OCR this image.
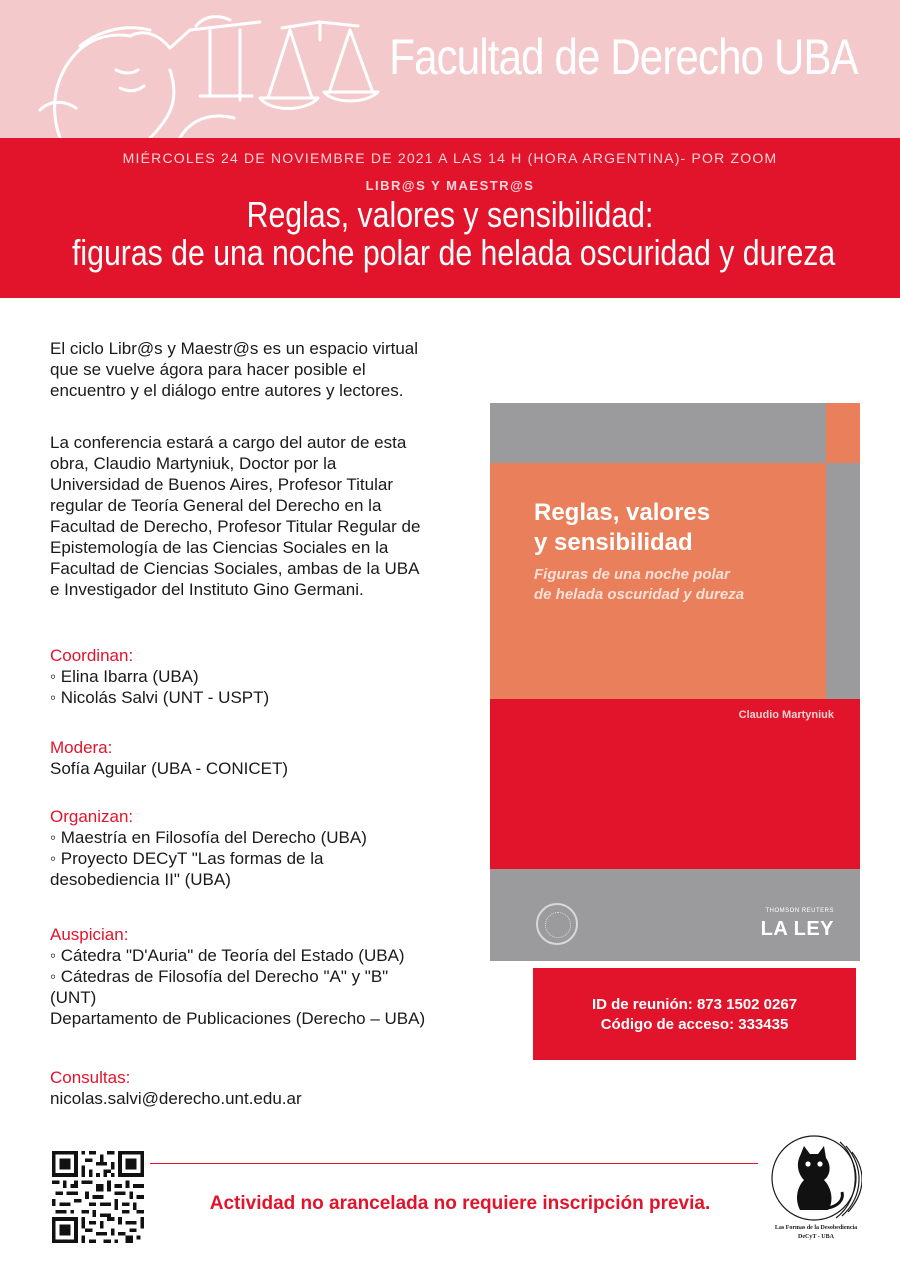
Facultad de Derecho UBA
MIÉRCOLES 24 DE NOVIEMBRE DE 2021 A LAS 14 H (HORA ARGENTINA)- POR ZOOM
LIBR@S Y MAESTR@S
Reglas, valores y sensibilidad:
figuras de una noche polar de helada oscuridad y dureza
El ciclo Libr@s y Maestr@s es un espacio virtual que se vuelve ágora para hacer posible el encuentro y el diálogo entre autores y lectores.
La conferencia estará a cargo del autor de esta obra, Claudio Martyniuk, Doctor por la Universidad de Buenos Aires, Profesor Titular regular de Teoría General del Derecho en la Facultad de Derecho, Profesor Titular Regular de Epistemología de las Ciencias Sociales en la Facultad de Ciencias Sociales, ambas de la UBA e Investigador del Instituto Gino Germani.
Coordinan:
◦ Elina Ibarra (UBA)
◦ Nicolás Salvi (UNT - USPT)
Modera:
Sofía Aguilar (UBA - CONICET)
Organizan:
◦ Maestría en Filosofía del Derecho (UBA)
◦ Proyecto DECyT "Las formas de la desobediencia II" (UBA)
Auspician:
◦ Cátedra "D'Auria" de Teoría del Estado (UBA)
◦ Cátedras de Filosofía del Derecho "A" y "B" (UNT)
Departamento de Publicaciones (Derecho – UBA)
Consultas:
nicolas.salvi@derecho.unt.edu.ar
Reglas, valores
y sensibilidad
Figuras de una noche polar
de helada oscuridad y dureza
Claudio Martyniuk
THOMSON REUTERS
LA LEY
ID de reunión: 873 1502 0267
Código de acceso: 333435
Actividad no arancelada no requiere inscripción previa.
Las Formas de la Desobediencia
DeCyT - UBA
